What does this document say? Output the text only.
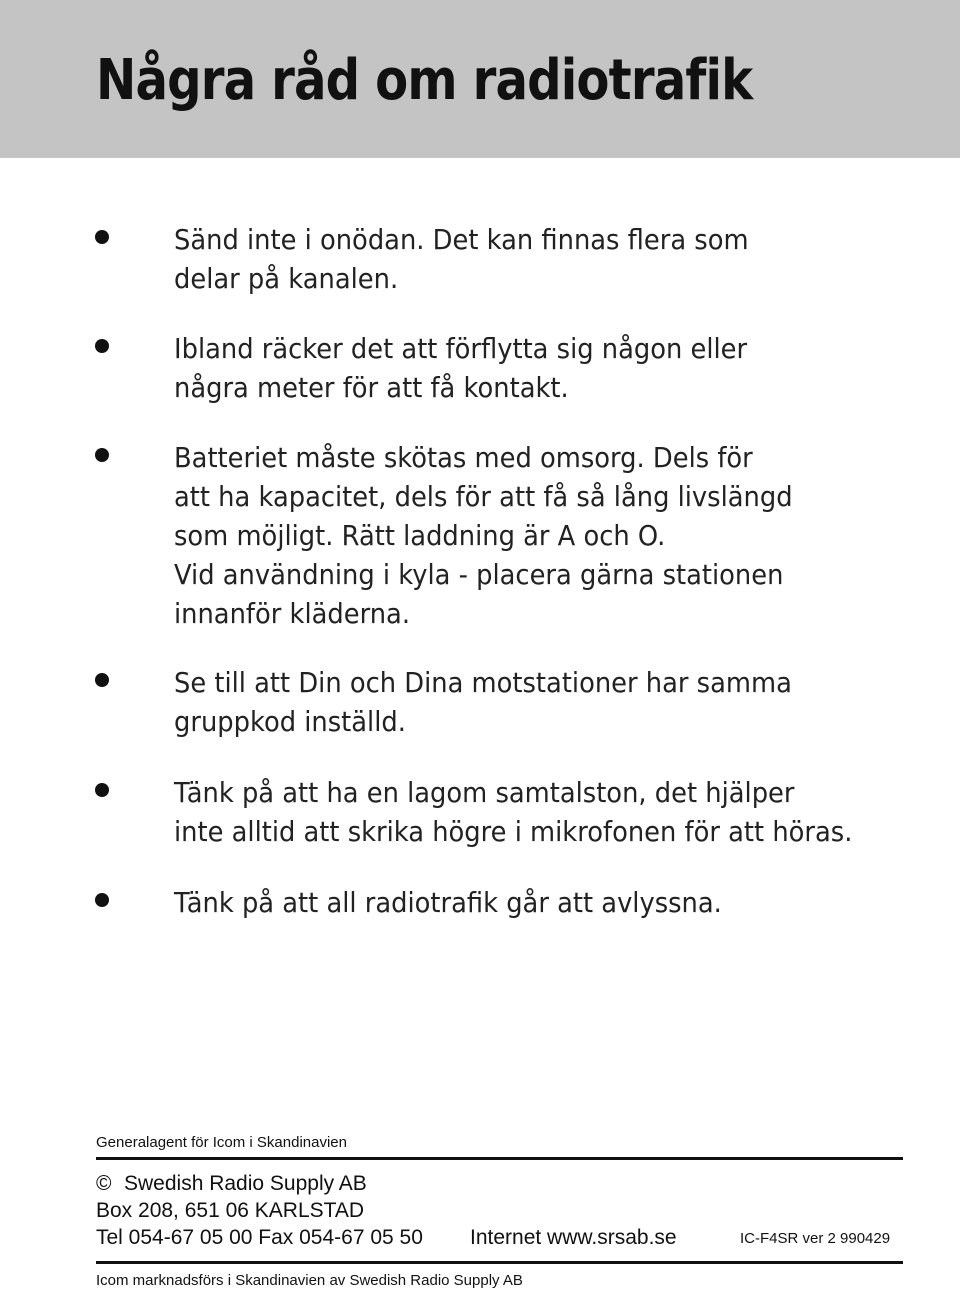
Några råd om radiotrafik
Sänd inte i onödan. Det kan finnas flera som
delar på kanalen.
Ibland räcker det att förflytta sig någon eller
några meter för att få kontakt.
Batteriet måste skötas med omsorg. Dels för
att ha kapacitet, dels för att få så lång livslängd
som möjligt. Rätt laddning är A och O.
Vid användning i kyla - placera gärna stationen
innanför kläderna.
Se till att Din och Dina motstationer har samma
gruppkod inställd.
Tänk på att ha en lagom samtalston, det hjälper
inte alltid att skrika högre i mikrofonen för att höras.
Tänk på att all radiotrafik går att avlyssna.
Generalagent för Icom i Skandinavien
© Swedish Radio Supply AB
Box 208, 651 06 KARLSTAD
Tel 054-67 05 00 Fax 054-67 05 50 Internet www.srsab.se	IC-F4SR ver 2 990429
Icom marknadsförs i Skandinavien av Swedish Radio Supply AB
